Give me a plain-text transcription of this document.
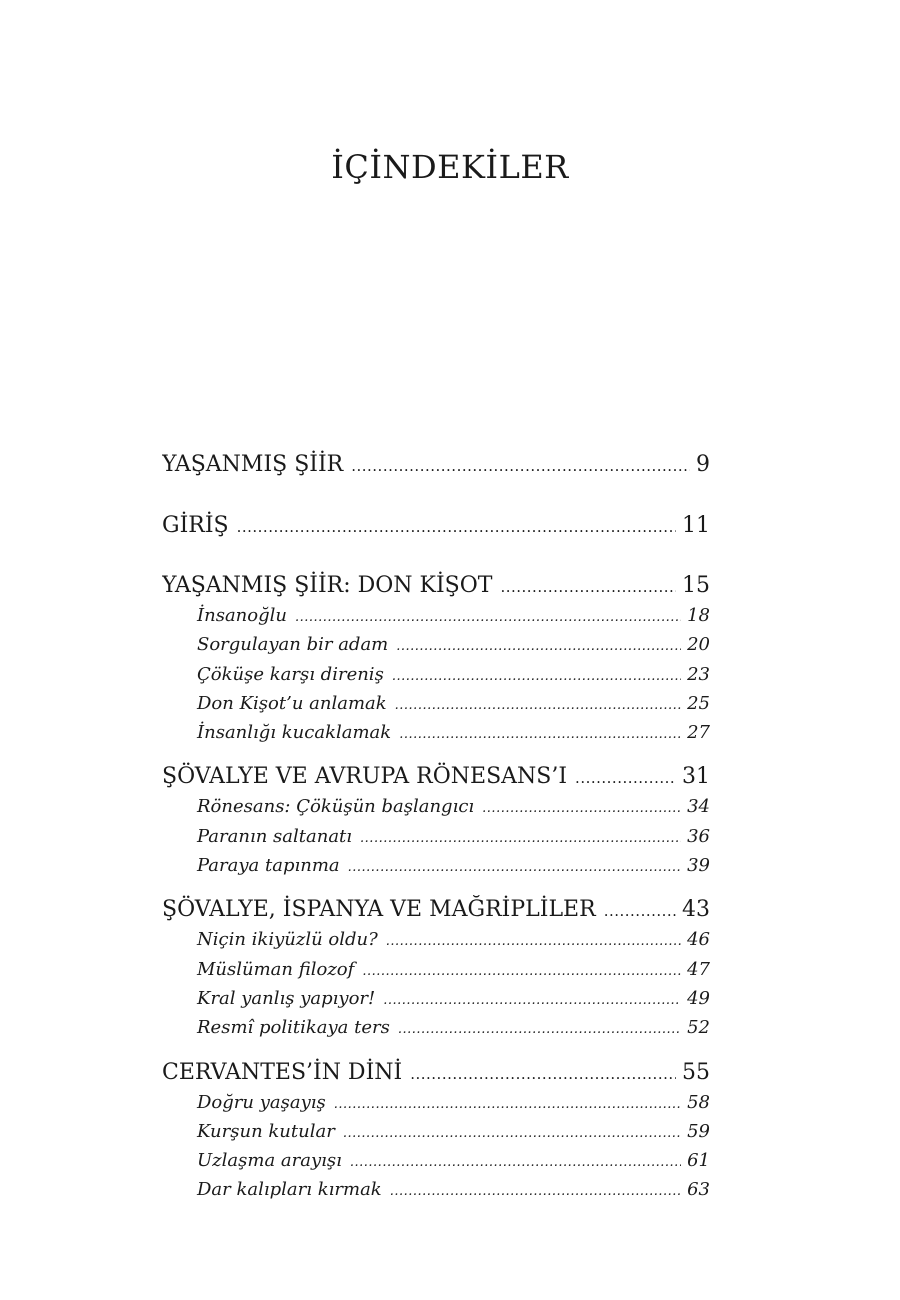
İÇİNDEKİLER
YAŞANMIŞ ŞİİR .....	9
GİRİŞ .....	11
YAŞANMIŞ ŞİİR: DON KİŞOT .....	15
İnsanoğlu .....	18
Sorgulayan bir adam .....	20
Çöküşe karşı direniş .....	23
Don Kişot’u anlamak .....	25
İnsanlığı kucaklamak .....	27
ŞÖVALYE VE AVRUPA RÖNESANS’I .....	31
Rönesans: Çöküşün başlangıcı .....	34
Paranın saltanatı .....	36
Paraya tapınma .....	39
ŞÖVALYE, İSPANYA VE MAĞRİPLİLER .....	43
Niçin ikiyüzlü oldu? .....	46
Müslüman filozof .....	47
Kral yanlış yapıyor! .....	49
Resmî politikaya ters .....	52
CERVANTES’İN DİNİ .....	55
Doğru yaşayış .....	58
Kurşun kutular .....	59
Uzlaşma arayışı .....	61
Dar kalıpları kırmak .....	63
